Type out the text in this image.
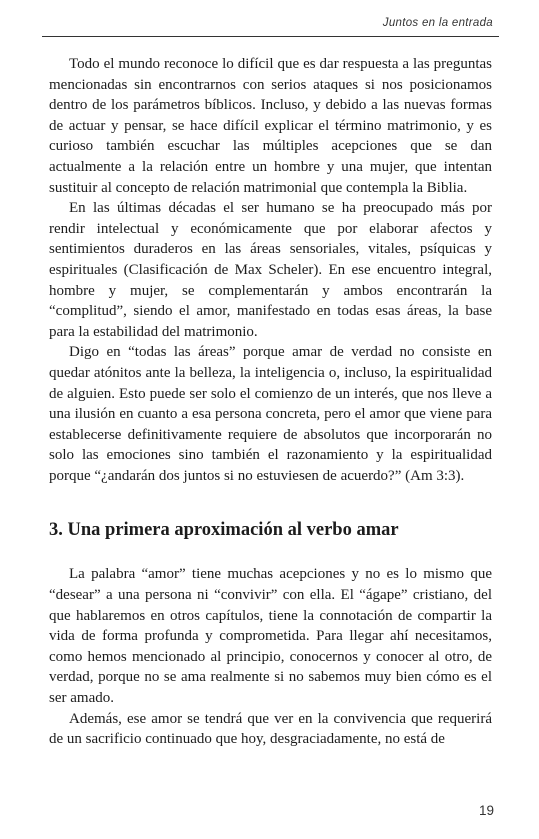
Juntos en la entrada

Todo el mundo reconoce lo difícil que es dar respuesta a las preguntas mencionadas sin encontrarnos con serios ataques si nos posicionamos dentro de los parámetros bíblicos. Incluso, y debido a las nuevas formas de actuar y pensar, se hace difícil explicar el término matrimonio, y es curioso también escuchar las múltiples acepciones que se dan actualmente a la relación entre un hombre y una mujer, que intentan sustituir al concepto de relación matrimonial que contempla la Biblia.

En las últimas décadas el ser humano se ha preocupado más por rendir intelectual y económicamente que por elaborar afectos y sentimientos duraderos en las áreas sensoriales, vitales, psíquicas y espirituales (Clasificación de Max Scheler). En ese encuentro integral, hombre y mujer, se complementarán y ambos encontrarán la “complitud”, siendo el amor, manifestado en todas esas áreas, la base para la estabilidad del matrimonio.

Digo en “todas las áreas” porque amar de verdad no consiste en quedar atónitos ante la belleza, la inteligencia o, incluso, la espiritualidad de alguien. Esto puede ser solo el comienzo de un interés, que nos lleve a una ilusión en cuanto a esa persona concreta, pero el amor que viene para establecerse definitivamente requiere de absolutos que incorporarán no solo las emociones sino también el razonamiento y la espiritualidad porque “¿andarán dos juntos si no estuviesen de acuerdo?” (Am 3:3).

3. Una primera aproximación al verbo amar

La palabra “amor” tiene muchas acepciones y no es lo mismo que “desear” a una persona ni “convivir” con ella. El “ágape” cristiano, del que hablaremos en otros capítulos, tiene la connotación de compartir la vida de forma profunda y comprometida. Para llegar ahí necesitamos, como hemos mencionado al principio, conocernos y conocer al otro, de verdad, porque no se ama realmente si no sabemos muy bien cómo es el ser amado.

Además, ese amor se tendrá que ver en la convivencia que requerirá de un sacrificio continuado que hoy, desgraciadamente, no está de

19
